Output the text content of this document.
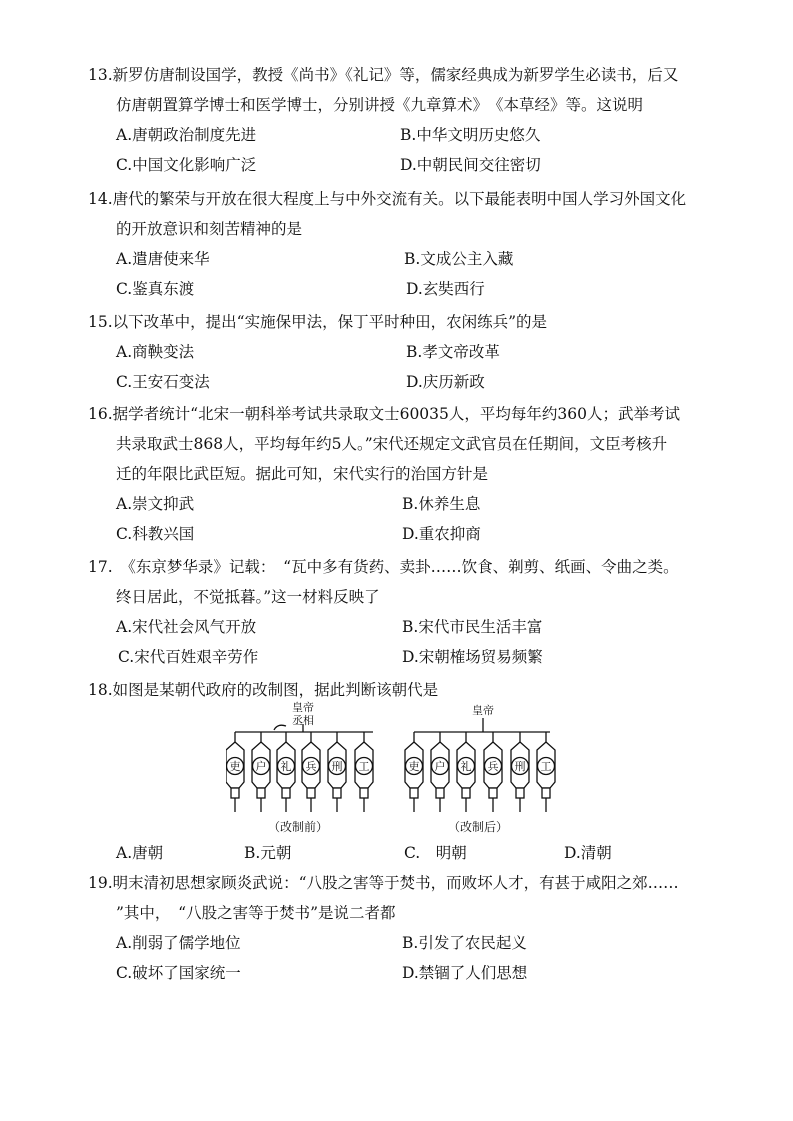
13.新罗仿唐制设国学，教授《尚书》《礼记》等，儒家经典成为新罗学生必读书，后又

仿唐朝置算学博士和医学博士，分别讲授《九章算术》　《本草经》等。这说明

A.唐朝政治制度先进	B.中华文明历史悠久
C.中国文化影响广泛	D.中朝民间交往密切

14.唐代的繁荣与开放在很大程度上与中外交流有关。以下最能表明中国人学习外国文化

的开放意识和刻苦精神的是

A.遣唐使来华	B.文成公主入藏
C.鉴真东渡	D.玄奘西行

15.以下改革中，提出“实施保甲法，保丁平时种田，农闲练兵”的是

A.商鞅变法	B.孝文帝改革
C.王安石变法	D.庆历新政

16.据学者统计“北宋一朝科举考试共录取文士60035人，平均每年约360人；武举考试

共录取武士868人，平均每年约5人。”宋代还规定文武官员在任期间，文臣考核升

迁的年限比武臣短。据此可知，宋代实行的治国方针是

A.崇文抑武	B.休养生息
C.科教兴国	D.重农抑商

17.　《东京梦华录》记载：　“瓦中多有货药、卖卦……饮食、剃剪、纸画、令曲之类。

终日居此，不觉抵暮。”这一材料反映了

A.宋代社会风气开放	B.宋代市民生活丰富
C.宋代百姓艰辛劳作	D.宋朝榷场贸易频繁

18.如图是某朝代政府的改制图，据此判断该朝代是

皇帝
丞相
皇帝
吏 户 礼 兵 刑 工	吏 户 礼 兵 刑 工
（改制前）	（改制后）
A.唐朝	B.元朝	C.　明朝	D.清朝

19.明末清初思想家顾炎武说：“八股之害等于焚书，而败坏人才，有甚于咸阳之郊……

”其中，　“八股之害等于焚书”是说二者都

A.削弱了儒学地位	B.引发了农民起义
C.破坏了国家统一	D.禁锢了人们思想
